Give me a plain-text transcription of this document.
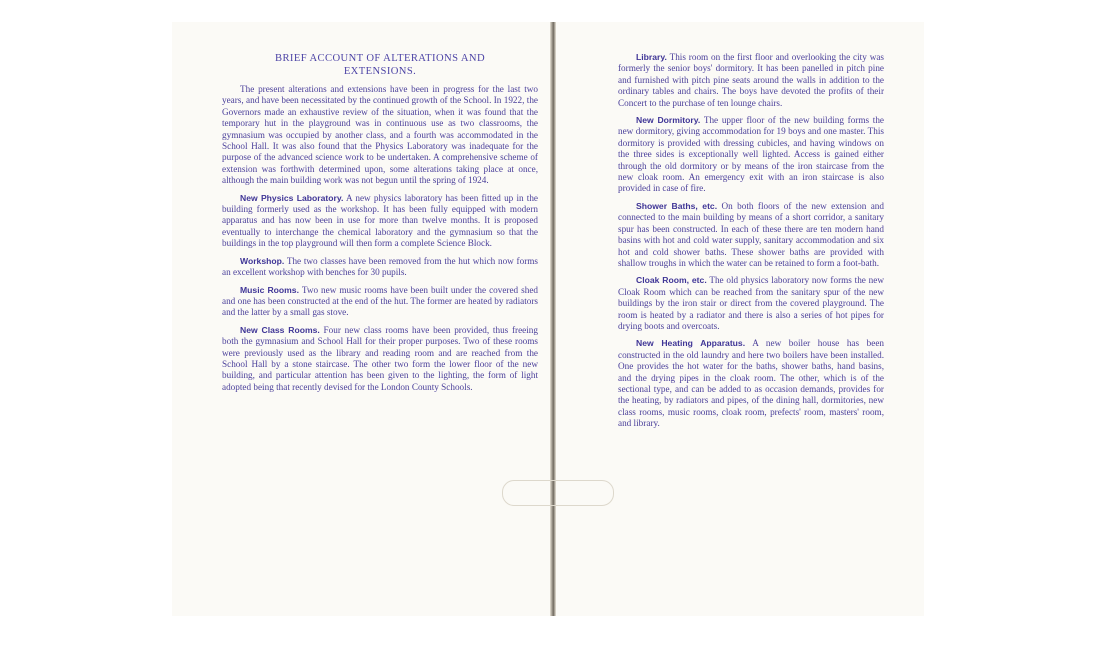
BRIEF ACCOUNT OF ALTERATIONS AND
EXTENSIONS.

The present alterations and extensions have been in progress for the last two years, and have been necessitated by the continued growth of the School. In 1922, the Governors made an exhaustive review of the situation, when it was found that the temporary hut in the playground was in continuous use as two classrooms, the gymnasium was occupied by another class, and a fourth was accommodated in the School Hall. It was also found that the Physics Laboratory was inadequate for the purpose of the advanced science work to be undertaken. A comprehensive scheme of extension was forthwith determined upon, some alterations taking place at once, although the main building work was not begun until the spring of 1924.

New Physics Laboratory. A new physics laboratory has been fitted up in the building formerly used as the workshop. It has been fully equipped with modern apparatus and has now been in use for more than twelve months. It is proposed eventually to interchange the chemical laboratory and the gymnasium so that the buildings in the top playground will then form a complete Science Block.

Workshop. The two classes have been removed from the hut which now forms an excellent workshop with benches for 30 pupils.

Music Rooms. Two new music rooms have been built under the covered shed and one has been constructed at the end of the hut. The former are heated by radiators and the latter by a small gas stove.

New Class Rooms. Four new class rooms have been provided, thus freeing both the gymnasium and School Hall for their proper purposes. Two of these rooms were previously used as the library and reading room and are reached from the School Hall by a stone staircase. The other two form the lower floor of the new building, and particular attention has been given to the lighting, the form of light adopted being that recently devised for the London County Schools.

Library. This room on the first floor and overlooking the city was formerly the senior boys' dormitory. It has been panelled in pitch pine and furnished with pitch pine seats around the walls in addition to the ordinary tables and chairs. The boys have devoted the profits of their Concert to the purchase of ten lounge chairs.

New Dormitory. The upper floor of the new building forms the new dormitory, giving accommodation for 19 boys and one master. This dormitory is provided with dressing cubicles, and having windows on the three sides is exceptionally well lighted. Access is gained either through the old dormitory or by means of the iron staircase from the new cloak room. An emergency exit with an iron staircase is also provided in case of fire.

Shower Baths, etc. On both floors of the new extension and connected to the main building by means of a short corridor, a sanitary spur has been constructed. In each of these there are ten modern hand basins with hot and cold water supply, sanitary accommodation and six hot and cold shower baths. These shower baths are provided with shallow troughs in which the water can be retained to form a foot-bath.

Cloak Room, etc. The old physics laboratory now forms the new Cloak Room which can be reached from the sanitary spur of the new buildings by the iron stair or direct from the covered playground. The room is heated by a radiator and there is also a series of hot pipes for drying boots and overcoats.

New Heating Apparatus. A new boiler house has been constructed in the old laundry and here two boilers have been installed. One provides the hot water for the baths, shower baths, hand basins, and the drying pipes in the cloak room. The other, which is of the sectional type, and can be added to as occasion demands, provides for the heating, by radiators and pipes, of the dining hall, dormitories, new class rooms, music rooms, cloak room, prefects' room, masters' room, and library.
